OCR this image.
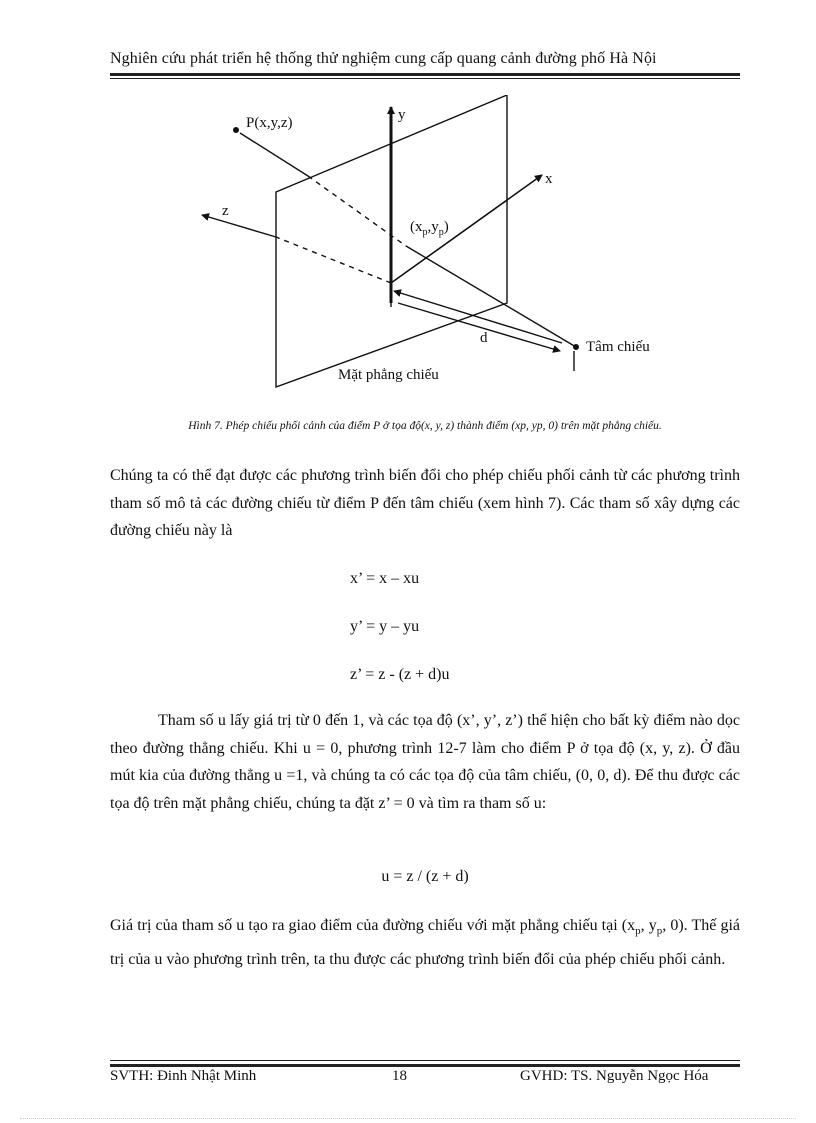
Nghiên cứu phát triển hệ thống thử nghiệm cung cấp quang cảnh đường phố Hà Nội
y
x
z
P(x,y,z)
$(x_p,y_p)$
d
Tâm chiếu
Mặt phẳng chiếu
Hình 7. Phép chiếu phối cảnh của điểm P ở tọa độ(x, y, z) thành điểm (xp, yp, 0) trên mặt phẳng chiếu.
Chúng ta có thể đạt được các phương trình biến đổi cho phép chiếu phối cảnh từ các phương trình tham số mô tả các đường chiếu từ điểm P đến tâm chiếu (xem hình 7). Các tham số xây dựng các đường chiếu này là
x’ = x – xu
y’ = y – yu
z’ = z - (z + d)u
Tham số u lấy giá trị từ 0 đến 1, và các tọa độ (x’, y’, z’) thể hiện cho bất kỳ điểm nào dọc theo đường thẳng chiếu. Khi u = 0, phương trình 12-7 làm cho điểm P ở tọa độ (x, y, z). Ở đầu mút kia của đường thẳng u =1, và chúng ta có các tọa độ của tâm chiếu, (0, 0, d). Để thu được các tọa độ trên mặt phẳng chiếu, chúng ta đặt z’ = 0 và tìm ra tham số u:
u = z / (z + d)
Giá trị của tham số u tạo ra giao điểm của đường chiếu với mặt phẳng chiếu tại ($x_p$, $y_p$, 0). Thế giá trị của u vào phương trình trên, ta thu được các phương trình biến đổi của phép chiếu phối cảnh.
SVTH: Đinh Nhật Minh	18	GVHD: TS. Nguyễn Ngọc Hóa
